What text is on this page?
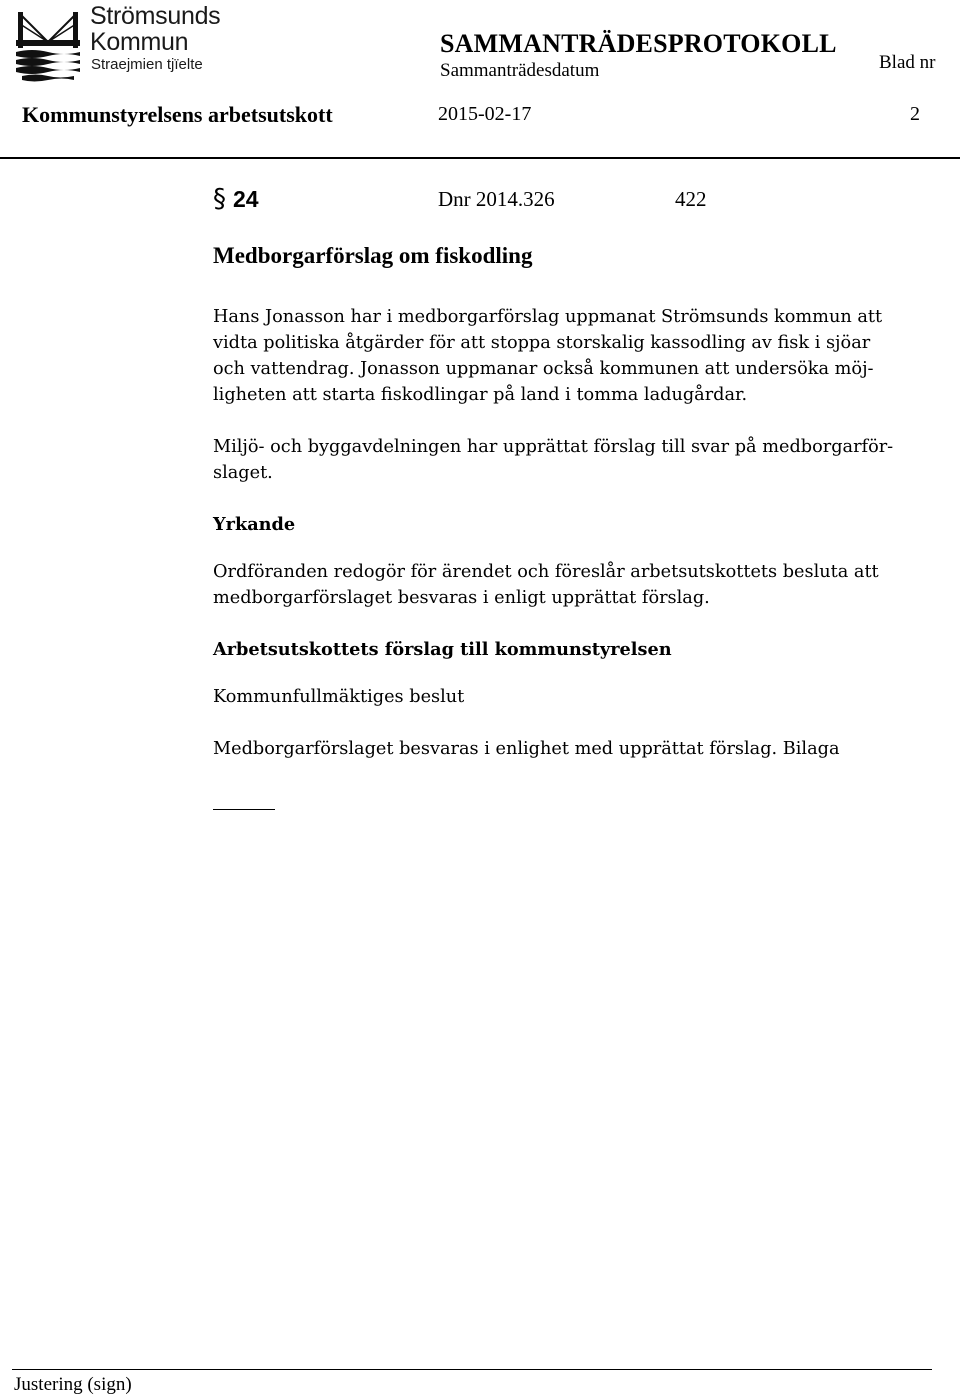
Strömsunds
Kommun
Straejmien tjïelte
SAMMANTRÄDESPROTOKOLL
Sammanträdesdatum	Blad nr
Kommunstyrelsens arbetsutskott	2015-02-17	2
§ 24	Dnr 2014.326	422
Medborgarförslag om fiskodling
Hans Jonasson har i medborgarförslag uppmanat Strömsunds kommun att
vidta politiska åtgärder för att stoppa storskalig kassodling av fisk i sjöar
och vattendrag. Jonasson uppmanar också kommunen att undersöka möj-
ligheten att starta fiskodlingar på land i tomma ladugårdar.
Miljö- och byggavdelningen har upprättat förslag till svar på medborgarför-
slaget.
Yrkande
Ordföranden redogör för ärendet och föreslår arbetsutskottets besluta att
medborgarförslaget besvaras i enligt upprättat förslag.
Arbetsutskottets förslag till kommunstyrelsen
Kommunfullmäktiges beslut
Medborgarförslaget besvaras i enlighet med upprättat förslag. Bilaga
Justering (sign)
